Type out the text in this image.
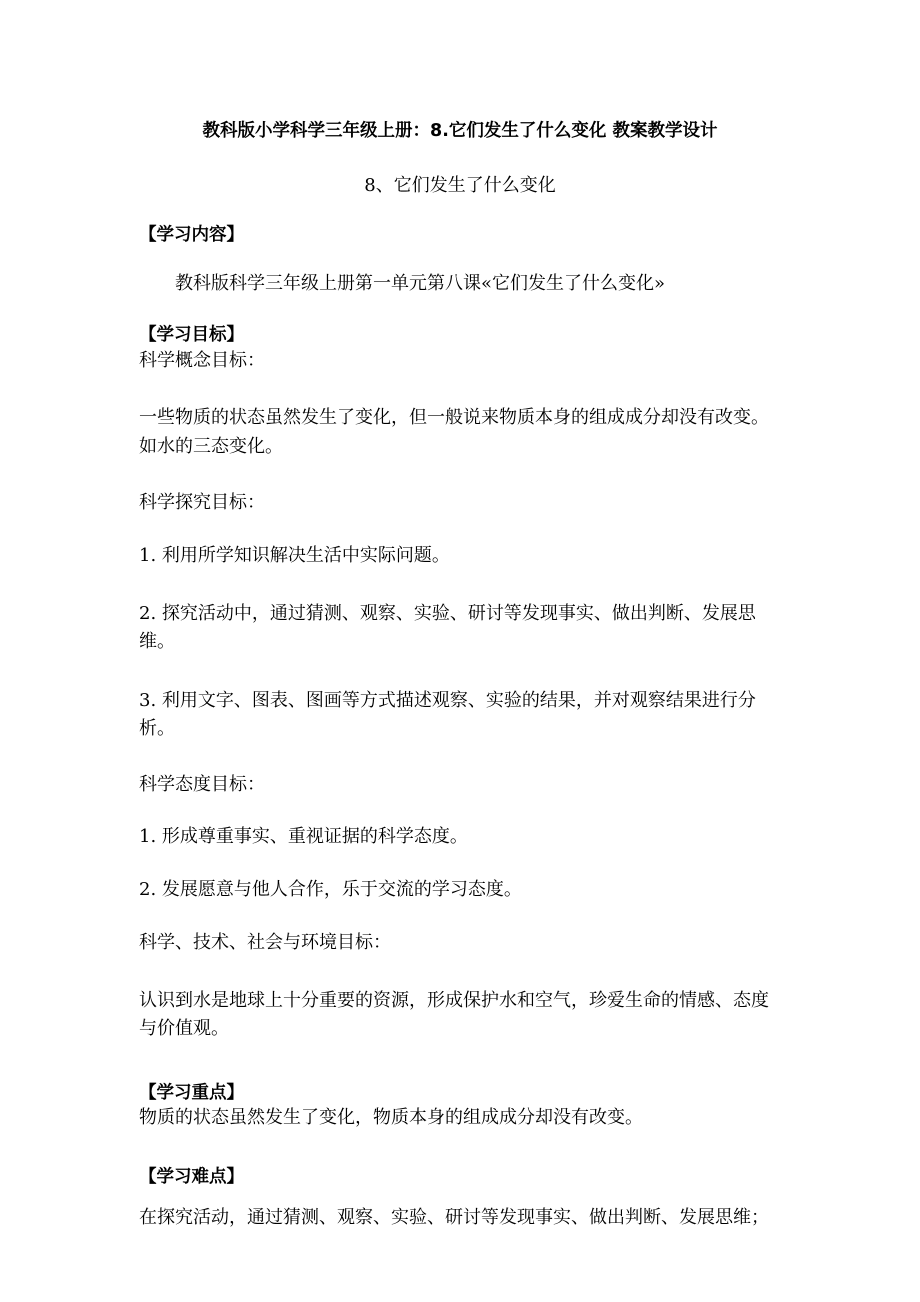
教科版小学科学三年级上册：8.它们发生了什么变化 教案教学设计
8、它们发生了什么变化
【学习内容】
教科版科学三年级上册第一单元第八课«它们发生了什么变化»
【学习目标】
科学概念目标：
一些物质的状态虽然发生了变化，但一般说来物质本身的组成成分却没有改变。
如水的三态变化。
科学探究目标：
1. 利用所学知识解决生活中实际问题。
2. 探究活动中，通过猜测、观察、实验、研讨等发现事实、做出判断、发展思
维。
3. 利用文字、图表、图画等方式描述观察、实验的结果，并对观察结果进行分
析。
科学态度目标：
1. 形成尊重事实、重视证据的科学态度。
2. 发展愿意与他人合作，乐于交流的学习态度。
科学、技术、社会与环境目标：
认识到水是地球上十分重要的资源，形成保护水和空气，珍爱生命的情感、态度
与价值观。
【学习重点】
物质的状态虽然发生了变化，物质本身的组成成分却没有改变。
【学习难点】
在探究活动，通过猜测、观察、实验、研讨等发现事实、做出判断、发展思维；
